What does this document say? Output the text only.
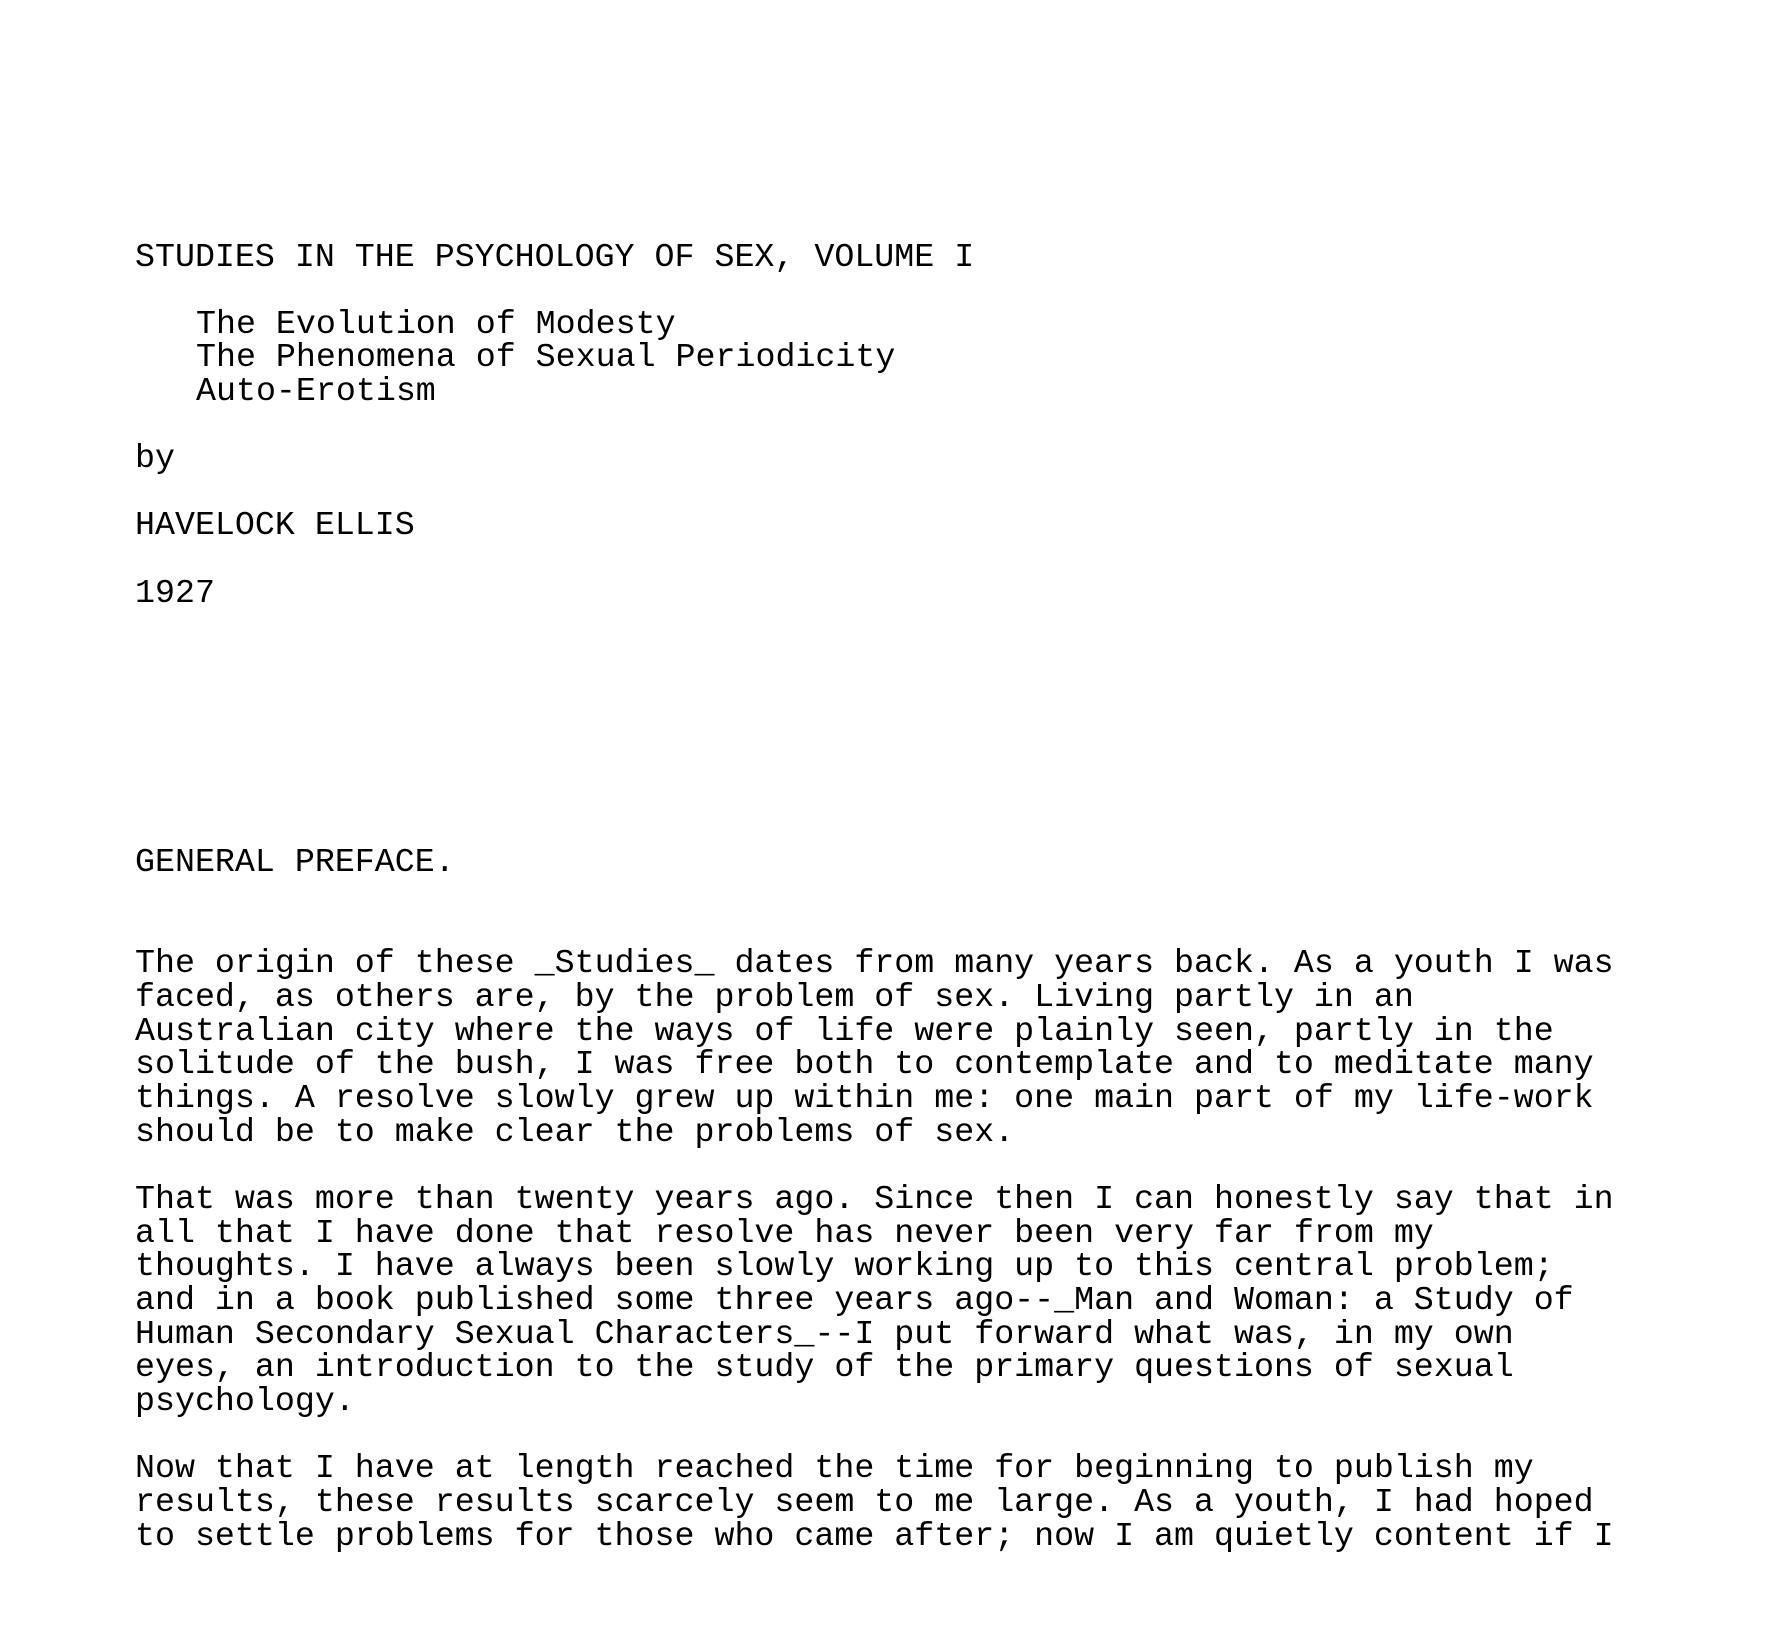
STUDIES IN THE PSYCHOLOGY OF SEX, VOLUME I

The Evolution of Modesty

The Phenomena of Sexual Periodicity

Auto-Erotism

by

HAVELOCK ELLIS

1927

GENERAL PREFACE.

The origin of these _Studies_ dates from many years back. As a youth I was

faced, as others are, by the problem of sex. Living partly in an

Australian city where the ways of life were plainly seen, partly in the

solitude of the bush, I was free both to contemplate and to meditate many

things. A resolve slowly grew up within me: one main part of my life-work

should be to make clear the problems of sex.

That was more than twenty years ago. Since then I can honestly say that in

all that I have done that resolve has never been very far from my

thoughts. I have always been slowly working up to this central problem;

and in a book published some three years ago--_Man and Woman: a Study of

Human Secondary Sexual Characters_--I put forward what was, in my own

eyes, an introduction to the study of the primary questions of sexual

psychology.

Now that I have at length reached the time for beginning to publish my

results, these results scarcely seem to me large. As a youth, I had hoped

to settle problems for those who came after; now I am quietly content if I
